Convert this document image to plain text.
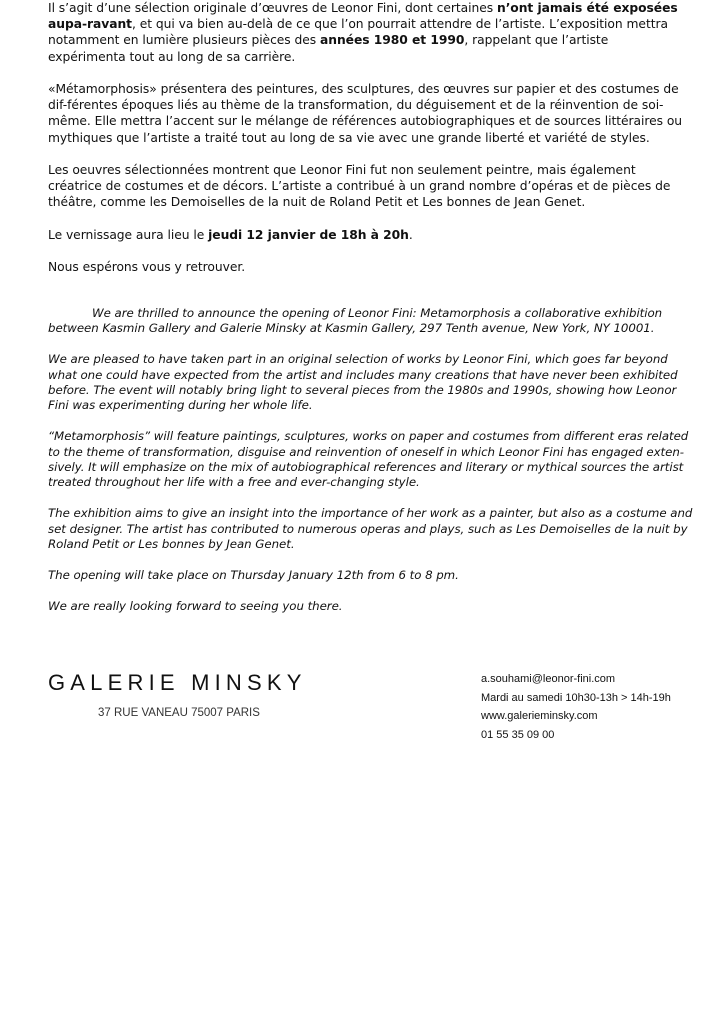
Il s’agit d’une sélection originale d’œuvres de Leonor Fini, dont certaines n’ont jamais été exposées aupa-ravant, et qui va bien au-delà de ce que l’on pourrait attendre de l’artiste. L’exposition mettra notamment en lumière plusieurs pièces des années 1980 et 1990, rappelant que l’artiste expérimenta tout au long de sa carrière.

«Métamorphosis» présentera des peintures, des sculptures, des œuvres sur papier et des costumes de dif-férentes époques liés au thème de la transformation, du déguisement et de la réinvention de soi-même. Elle mettra l’accent sur le mélange de références autobiographiques et de sources littéraires ou mythiques que l’artiste a traité tout au long de sa vie avec une grande liberté et variété de styles.

Les oeuvres sélectionnées montrent que Leonor Fini fut non seulement peintre, mais également créatrice de costumes et de décors. L’artiste a contribué à un grand nombre d’opéras et de pièces de théâtre, comme les Demoiselles de la nuit de Roland Petit et Les bonnes de Jean Genet.

Le vernissage aura lieu le jeudi 12 janvier de 18h à 20h.

Nous espérons vous y retrouver.

We are thrilled to announce the opening of Leonor Fini: Metamorphosis a collaborative exhibition between Kasmin Gallery and Galerie Minsky at Kasmin Gallery, 297 Tenth avenue, New York, NY 10001.

We are pleased to have taken part in an original selection of works by Leonor Fini, which goes far beyond what one could have expected from the artist and includes many creations that have never been exhibited before. The event will notably bring light to several pieces from the 1980s and 1990s, showing how Leonor Fini was experimenting during her whole life.

“Metamorphosis” will feature paintings, sculptures, works on paper and costumes from different eras related to the theme of transformation, disguise and reinvention of oneself in which Leonor Fini has engaged exten-sively. It will emphasize on the mix of autobiographical references and literary or mythical sources the artist treated throughout her life with a free and ever-changing style.

The exhibition aims to give an insight into the importance of her work as a painter, but also as a costume and set designer. The artist has contributed to numerous operas and plays, such as Les Demoiselles de la nuit by Roland Petit or Les bonnes by Jean Genet.

The opening will take place on Thursday January 12th from 6 to 8 pm.

We are really looking forward to seeing you there.

GALERIE MINSKY
37 RUE VANEAU 75007 PARIS
a.souhami@leonor-fini.com
Mardi au samedi 10h30-13h > 14h-19h
www.galerieminsky.com
01 55 35 09 00
